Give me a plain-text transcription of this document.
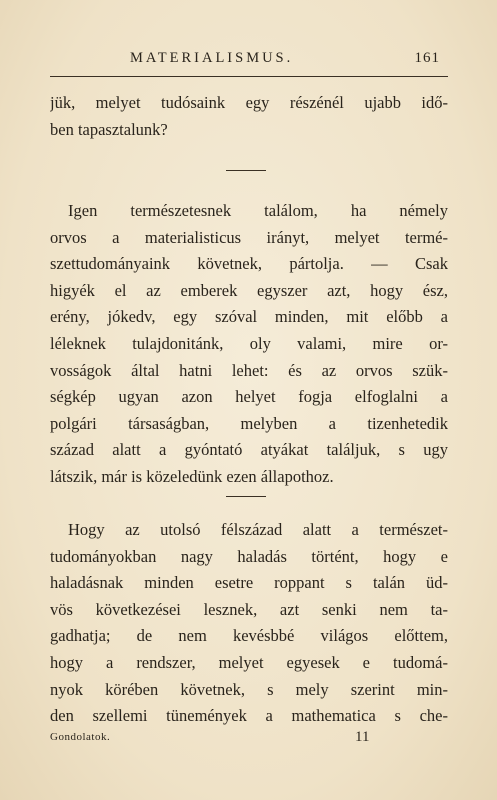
MATERIALISMUS.	161
jük, melyet tudósaink egy részénél ujabb idő-
ben tapasztalunk?
Igen természetesnek találom, ha némely
orvos a materialisticus irányt, melyet termé-
szettudományaink követnek, pártolja. — Csak
higyék el az emberek egyszer azt, hogy ész,
erény, jókedv, egy szóval minden, mit előbb a
léleknek tulajdonitánk, oly valami, mire or-
vosságok által hatni lehet: és az orvos szük-
ségkép ugyan azon helyet fogja elfoglalni a
polgári társaságban, melyben a tizenhetedik
század alatt a gyóntató atyákat találjuk, s ugy
látszik, már is közeledünk ezen állapothoz.
Hogy az utolsó félszázad alatt a természet-
tudományokban nagy haladás történt, hogy e
haladásnak minden esetre roppant s talán üd-
vös következései lesznek, azt senki nem ta-
gadhatja; de nem kevésbbé világos előttem,
hogy a rendszer, melyet egyesek e tudomá-
nyok körében követnek, s mely szerint min-
den szellemi tünemények a mathematica s che-
Gondolatok.	11
